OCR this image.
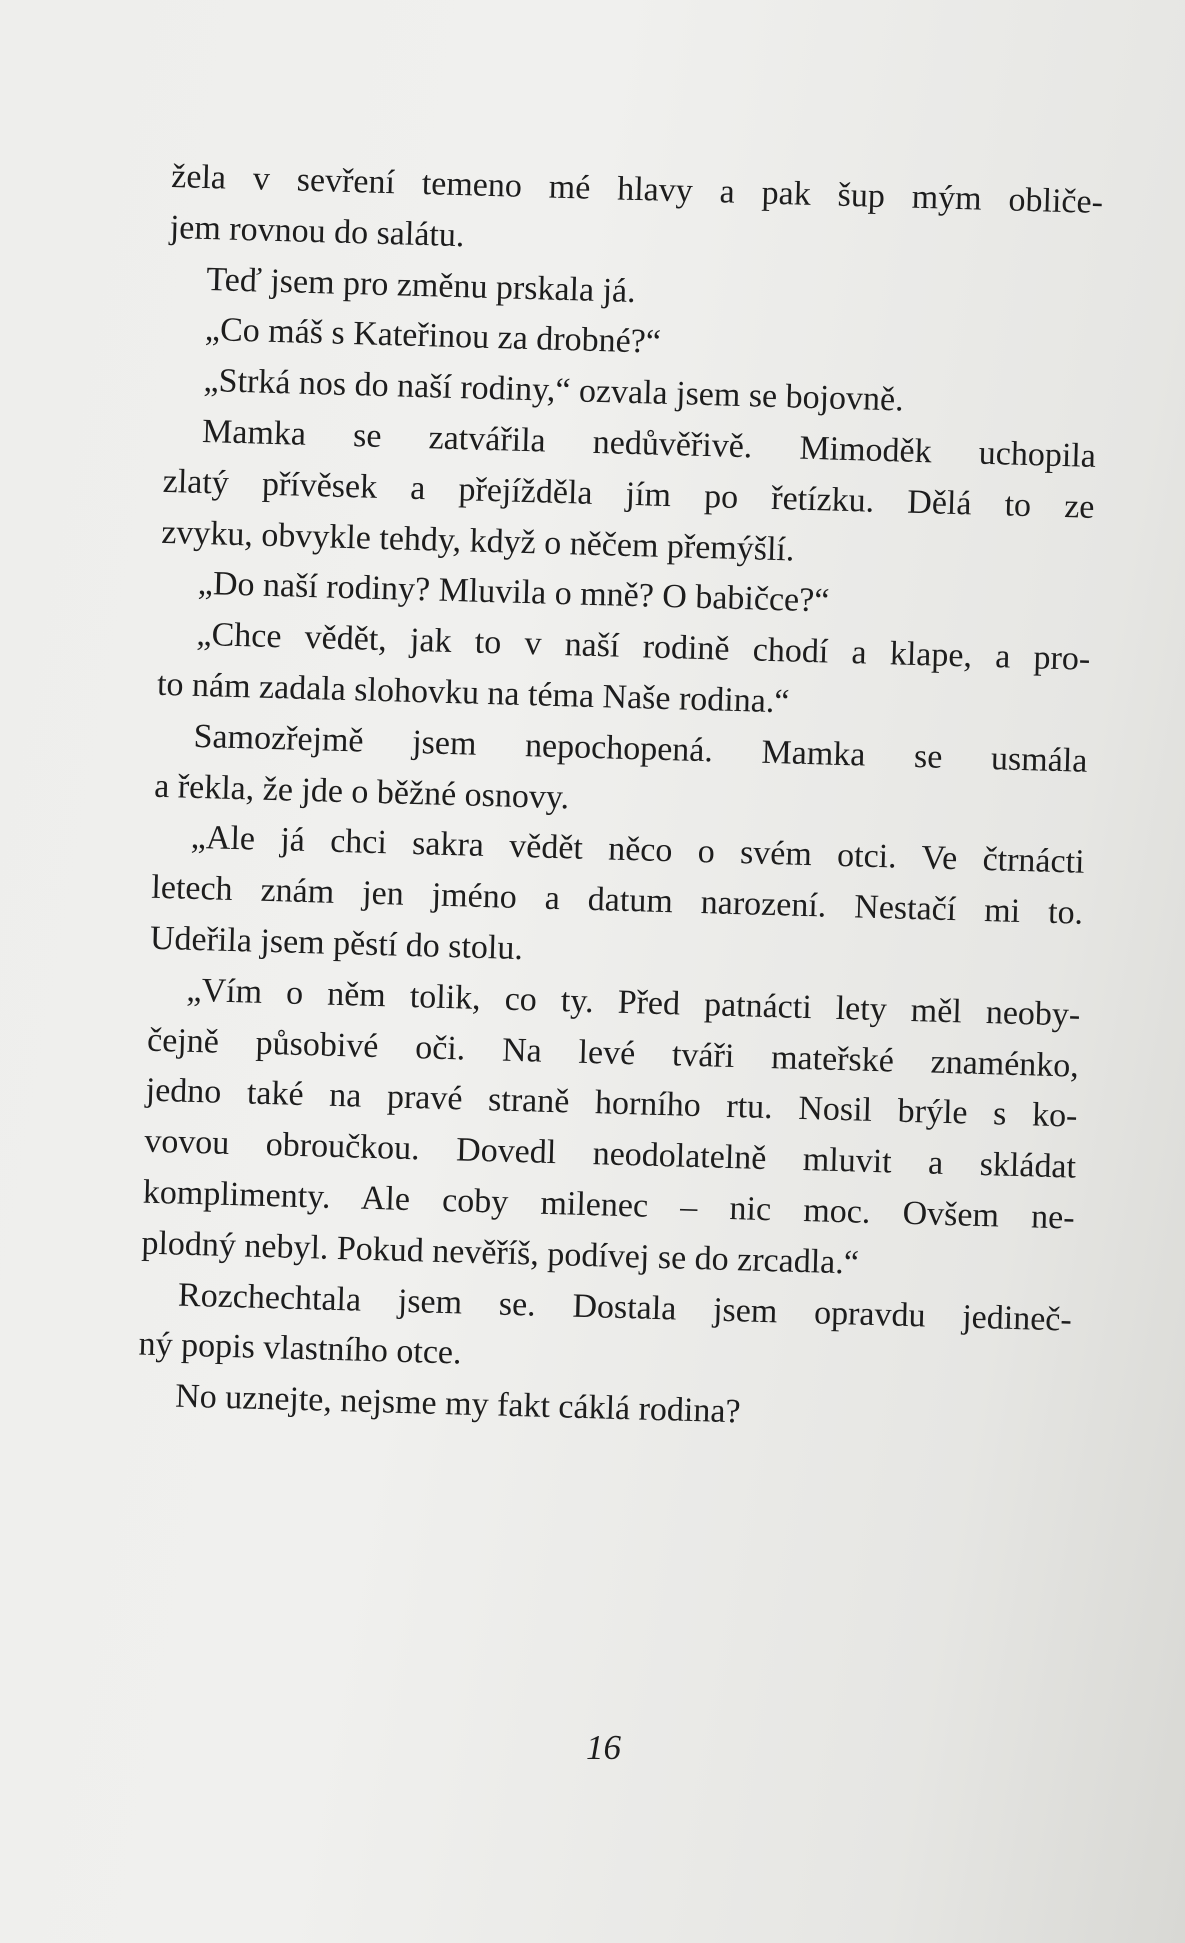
žela v sevření temeno mé hlavy a pak šup mým obliče-
jem rovnou do salátu.
Teď jsem pro změnu prskala já.
„Co máš s Kateřinou za drobné?“
„Strká nos do naší rodiny,“ ozvala jsem se bojovně.
Mamka se zatvářila nedůvěřivě. Mimoděk uchopila
zlatý přívěsek a přejížděla jím po řetízku. Dělá to ze
zvyku, obvykle tehdy, když o něčem přemýšlí.
„Do naší rodiny? Mluvila o mně? O babičce?“
„Chce vědět, jak to v naší rodině chodí a klape, a pro-
to nám zadala slohovku na téma Naše rodina.“
Samozřejmě jsem nepochopená. Mamka se usmála
a řekla, že jde o běžné osnovy.
„Ale já chci sakra vědět něco o svém otci. Ve čtrnácti
letech znám jen jméno a datum narození. Nestačí mi to.
Udeřila jsem pěstí do stolu.
„Vím o něm tolik, co ty. Před patnácti lety měl neoby-
čejně působivé oči. Na levé tváři mateřské znaménko,
jedno také na pravé straně horního rtu. Nosil brýle s ko-
vovou obroučkou. Dovedl neodolatelně mluvit a skládat
komplimenty. Ale coby milenec – nic moc. Ovšem ne-
plodný nebyl. Pokud nevěříš, podívej se do zrcadla.“
Rozchechtala jsem se. Dostala jsem opravdu jedineč-
ný popis vlastního otce.
No uznejte, nejsme my fakt cáklá rodina?
16
